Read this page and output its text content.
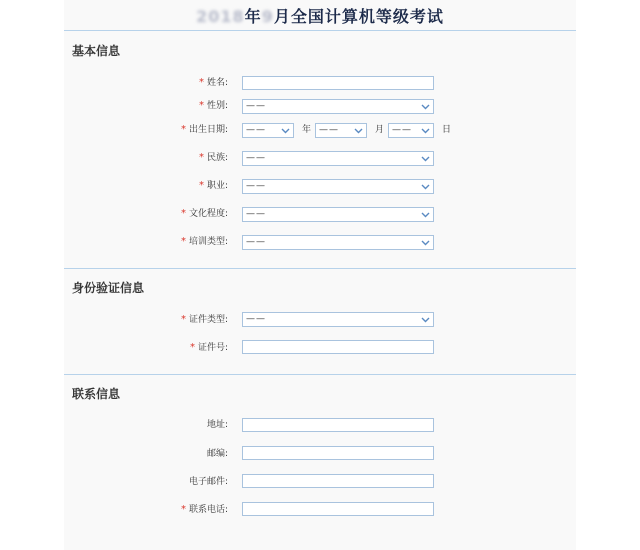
2018年9月全国计算机等级考试
基本信息
* 姓名:
* 性别:	——
* 出生日期:	——	年 ——	月 ——	日
* 民族:	——
* 职业:	——
* 文化程度:	——
* 培训类型:	——
身份验证信息
* 证件类型:	——
* 证件号:
联系信息
地址:
邮编:
电子邮件:
* 联系电话:
